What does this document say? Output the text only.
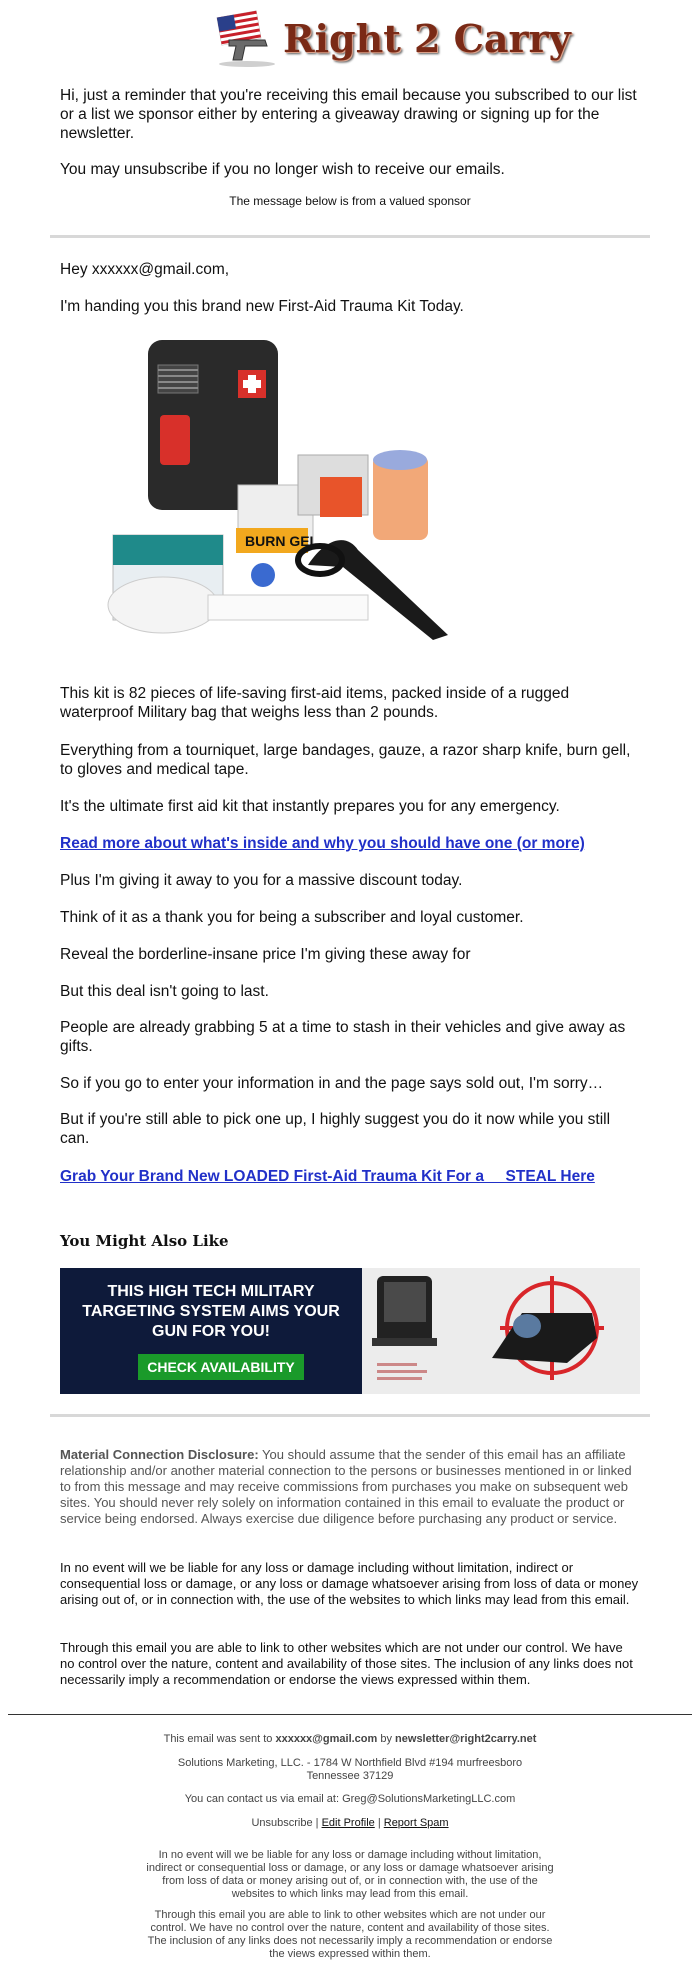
Right 2 Carry

Hi, just a reminder that you're receiving this email because you subscribed to our list or a list we sponsor either by entering a giveaway drawing or signing up for the newsletter.

You may unsubscribe if you no longer wish to receive our emails.

The message below is from a valued sponsor

Hey xxxxxx@gmail.com,

I'm handing you this brand new First-Aid Trauma Kit Today.

BURN GEL

This kit is 82 pieces of life-saving first-aid items, packed inside of a rugged waterproof Military bag that weighs less than 2 pounds.

Everything from a tourniquet, large bandages, gauze, a razor sharp knife, burn gell, to gloves and medical tape.

It's the ultimate first aid kit that instantly prepares you for any emergency.

Read more about what's inside and why you should have one (or more)

Plus I'm giving it away to you for a massive discount today.

Think of it as a thank you for being a subscriber and loyal customer.

Reveal the borderline-insane price I'm giving these away for

But this deal isn't going to last.

People are already grabbing 5 at a time to stash in their vehicles and give away as gifts.

So if you go to enter your information in and the page says sold out, I'm sorry…

But if you're still able to pick one up, I highly suggest you do it now while you still can.

Grab Your Brand New LOADED First-Aid Trauma Kit For a     STEAL Here

You Might Also Like
THIS HIGH TECH MILITARY TARGETING SYSTEM AIMS YOUR GUN FOR YOU!
CHECK AVAILABILITY

Material Connection Disclosure: You should assume that the sender of this email has an affiliate relationship and/or another material connection to the persons or businesses mentioned in or linked to from this message and may receive commissions from purchases you make on subsequent web sites. You should never rely solely on information contained in this email to evaluate the product or service being endorsed. Always exercise due diligence before purchasing any product or service.

In no event will we be liable for any loss or damage including without limitation, indirect or consequential loss or damage, or any loss or damage whatsoever arising from loss of data or money arising out of, or in connection with, the use of the websites to which links may lead from this email.

Through this email you are able to link to other websites which are not under our control. We have no control over the nature, content and availability of those sites. The inclusion of any links does not necessarily imply a recommendation or endorse the views expressed within them.

This email was sent to xxxxxx@gmail.com by newsletter@right2carry.net
Solutions Marketing, LLC. - 1784 W Northfield Blvd #194 murfreesboro Tennessee 37129
You can contact us via email at: Greg@SolutionsMarketingLLC.com
Unsubscribe | Edit Profile | Report Spam
In no event will we be liable for any loss or damage including without limitation, indirect or consequential loss or damage, or any loss or damage whatsoever arising from loss of data or money arising out of, or in connection with, the use of the websites to which links may lead from this email.
Through this email you are able to link to other websites which are not under our control. We have no control over the nature, content and availability of those sites. The inclusion of any links does not necessarily imply a recommendation or endorse the views expressed within them.
